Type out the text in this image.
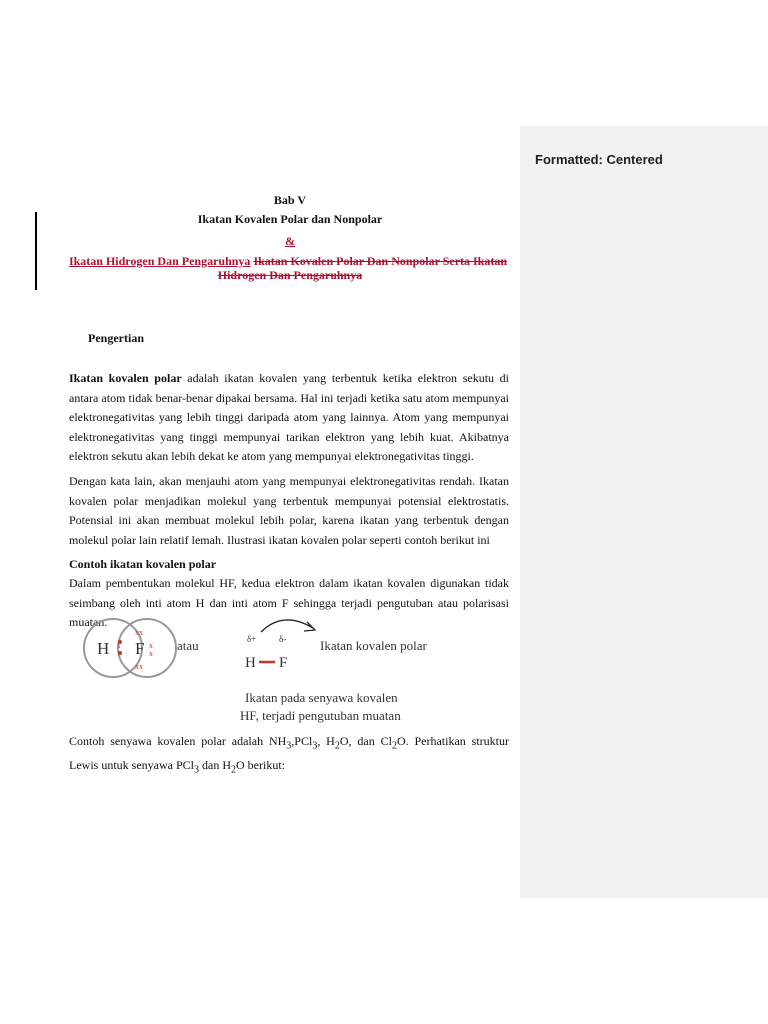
Formatted: Centered
Bab V
Ikatan Kovalen Polar dan Nonpolar
&
Ikatan Hidrogen Dan Pengaruhnya Ikatan Kovalen Polar Dan Nonpolar Serta Ikatan
Hidrogen Dan Pengaruhnya
Pengertian
Ikatan kovalen polar adalah ikatan kovalen yang terbentuk ketika elektron sekutu di antara atom tidak benar-benar dipakai bersama. Hal ini terjadi ketika satu atom mempunyai elektronegativitas yang lebih tinggi daripada atom yang lainnya. Atom yang mempunyai elektronegativitas yang tinggi mempunyai tarikan elektron yang lebih kuat. Akibatnya elektron sekutu akan lebih dekat ke atom yang mempunyai elektronegativitas tinggi.
Dengan kata lain, akan menjauhi atom yang mempunyai elektronegativitas rendah. Ikatan kovalen polar menjadikan molekul yang terbentuk mempunyai potensial elektrostatis. Potensial ini akan membuat molekul lebih polar, karena ikatan yang terbentuk dengan molekul polar lain relatif lemah. Ilustrasi ikatan kovalen polar seperti contoh berikut ini
Contoh ikatan kovalen polar
Dalam pembentukan molekul HF, kedua elektron dalam ikatan kovalen digunakan tidak seimbang oleh inti atom H dan inti atom F sehingga terjadi pengutuban atau polarisasi muatan.
H F
xx
xx
x
x
x	atau	δ+	δ-
H F
Ikatan kovalen polar
Ikatan pada senyawa kovalen
HF, terjadi pengutuban muatan
Contoh senyawa kovalen polar adalah $NH_3,PCl_3$, $H_2O$, dan $Cl_2O$. Perhatikan struktur Lewis untuk senyawa PCl$_3$ dan $H_2O$ berikut:
